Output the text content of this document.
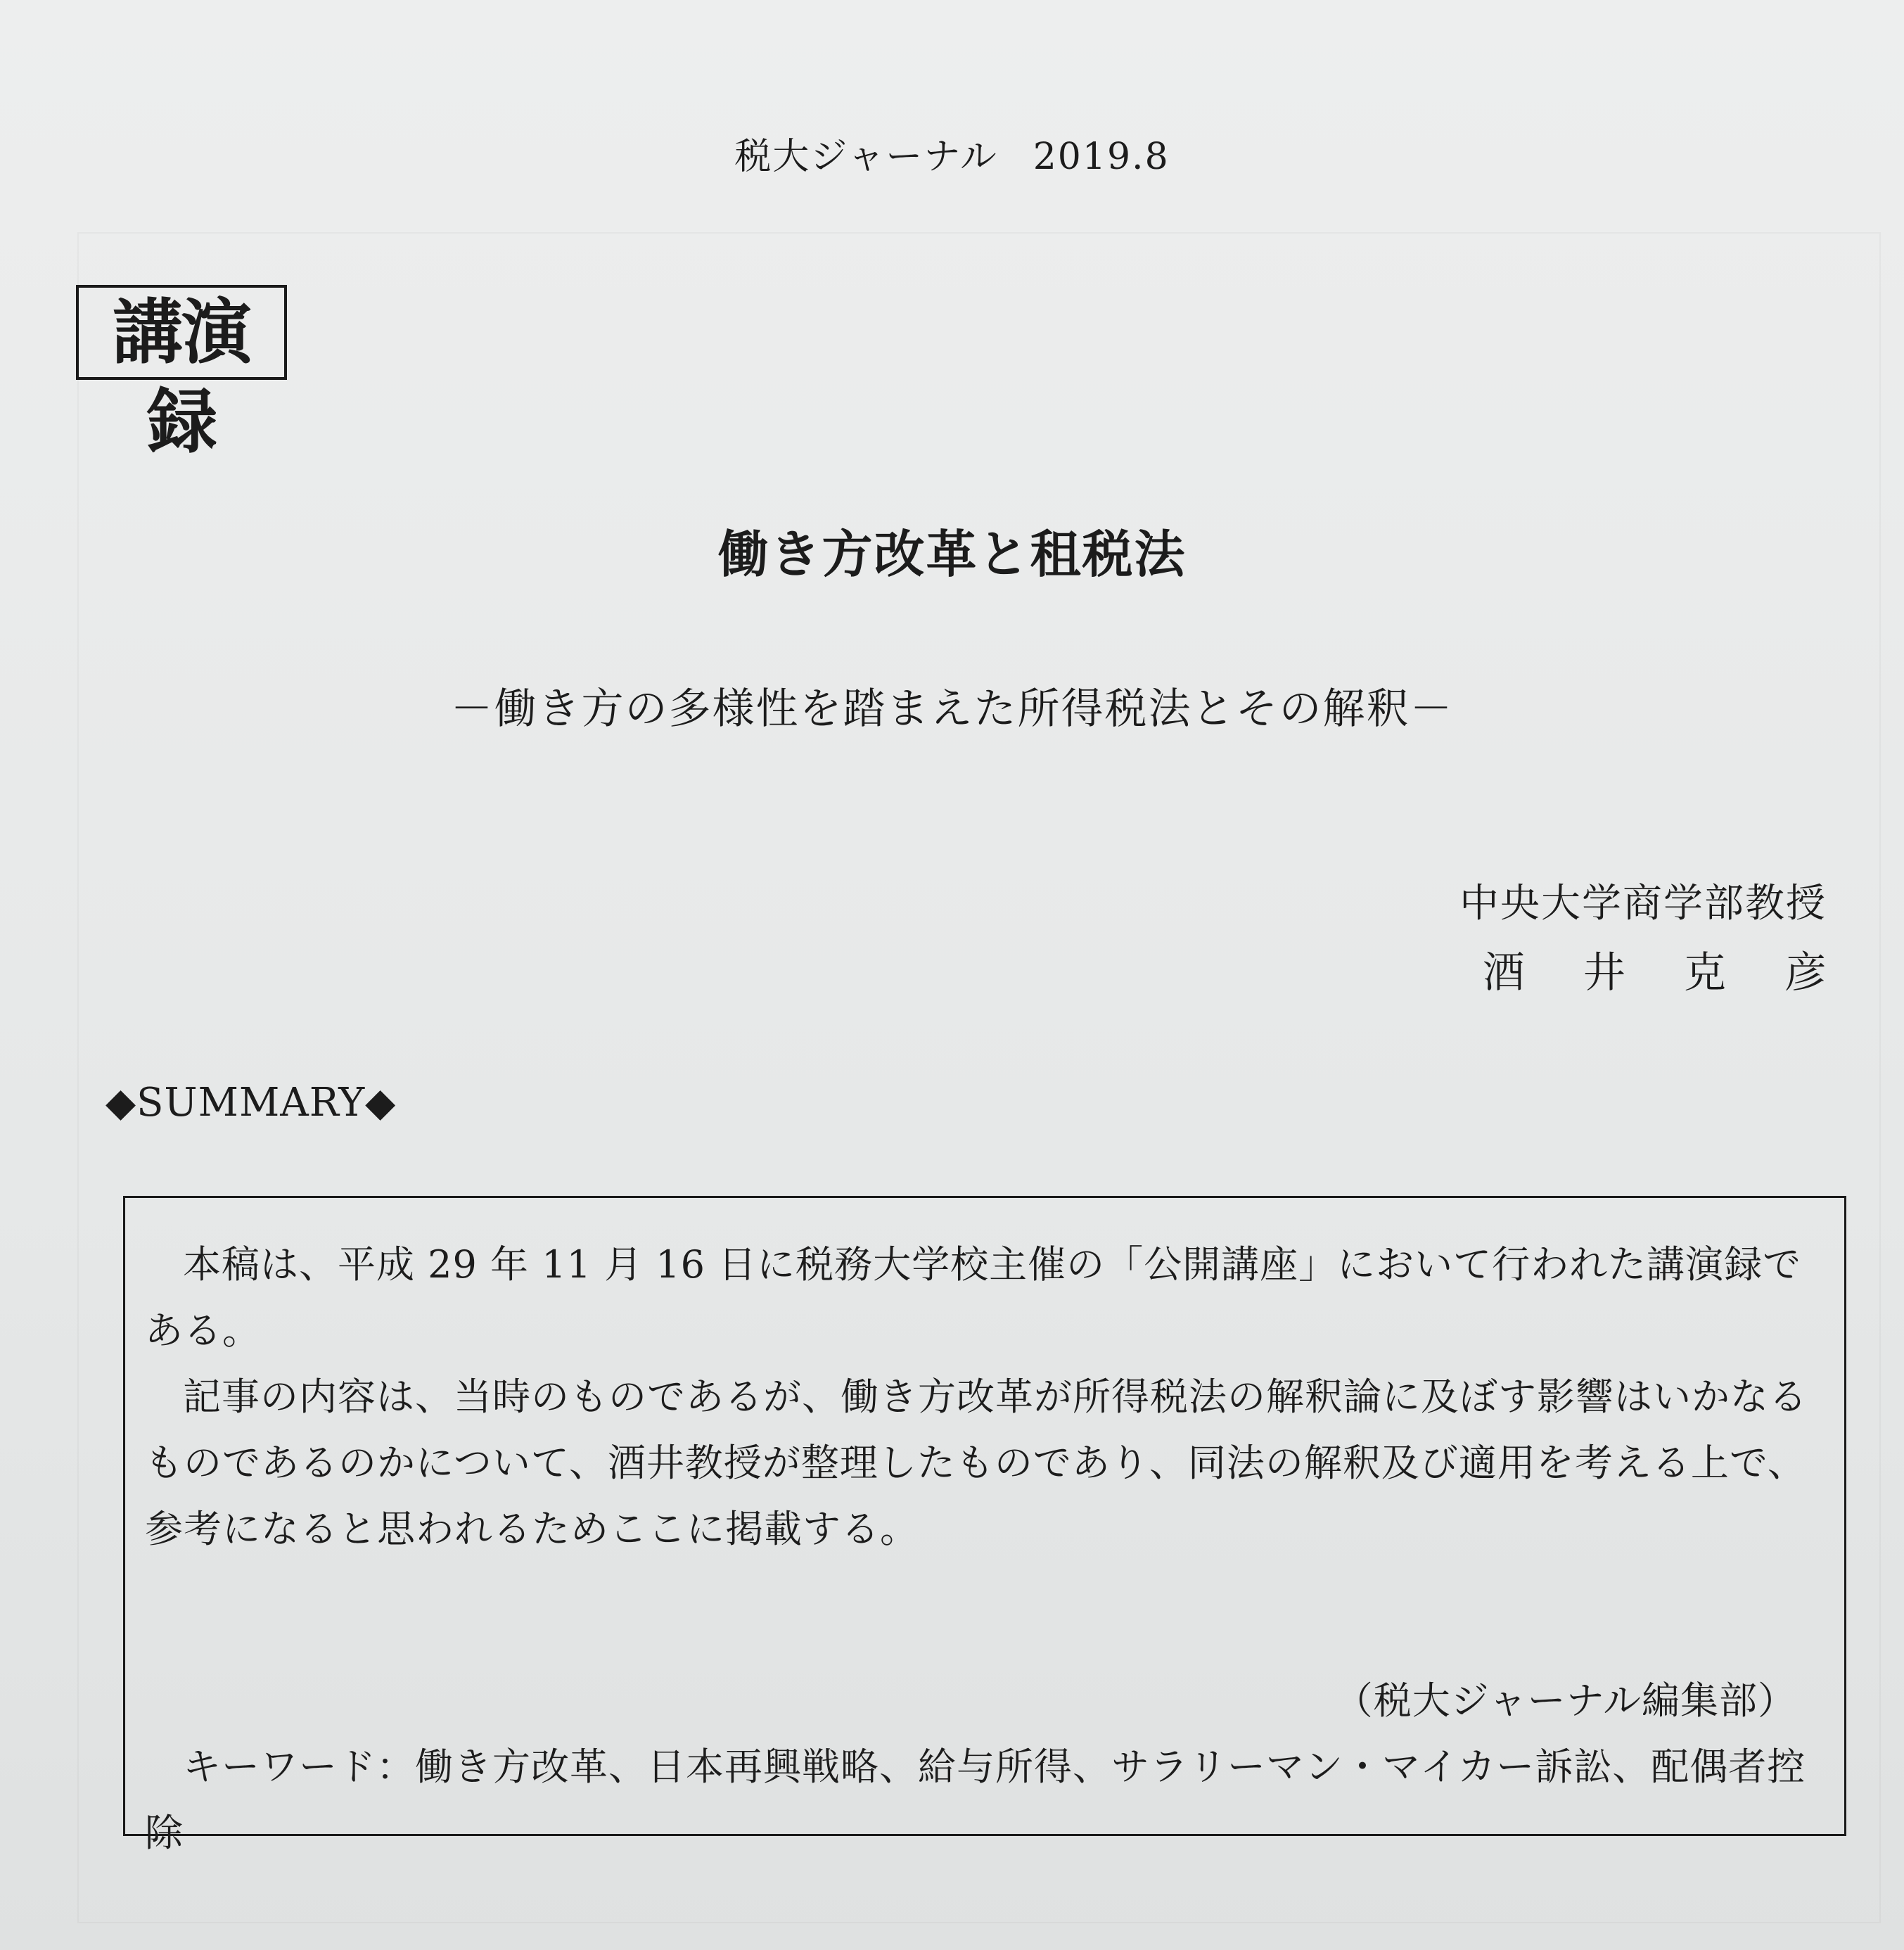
税大ジャーナル 2019.8
講演録
働き方改革と租税法
－働き方の多様性を踏まえた所得税法とその解釈－
中央大学商学部教授
酒 井 克 彦
◆SUMMARY◆

本稿は、平成 29 年 11 月 16 日に税務大学校主催の「公開講座」において行われた講演録である。

記事の内容は、当時のものであるが、働き方改革が所得税法の解釈論に及ぼす影響はいかなるものであるのかについて、酒井教授が整理したものであり、同法の解釈及び適用を考える上で、参考になると思われるためここに掲載する。

（税大ジャーナル編集部）

キーワード：働き方改革、日本再興戦略、給与所得、サラリーマン・マイカー訴訟、配偶者控除
